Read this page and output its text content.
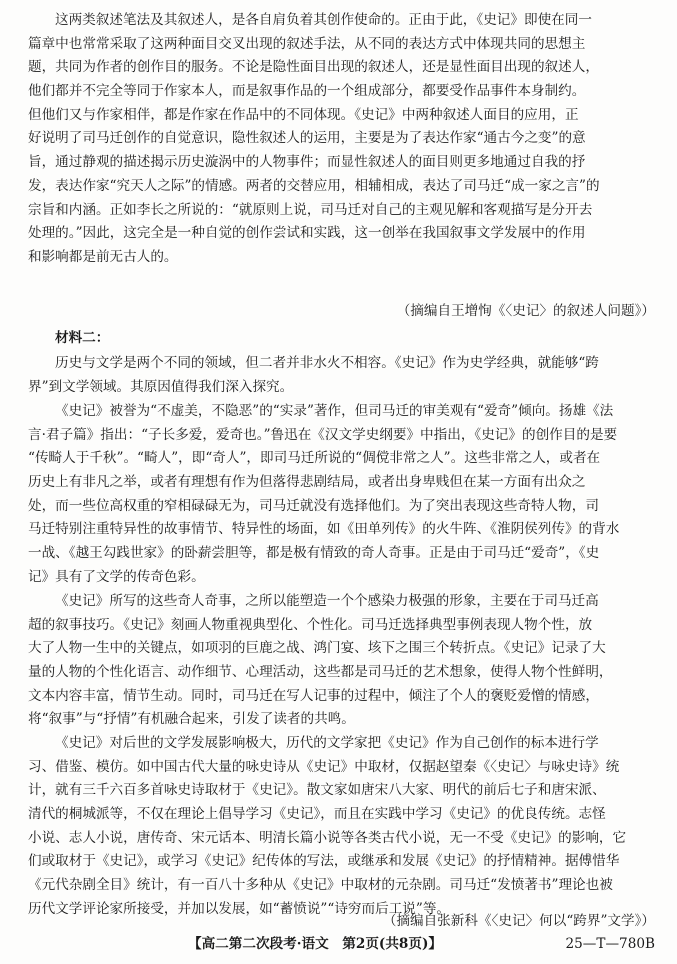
这两类叙述笔法及其叙述人，是各自肩负着其创作使命的。正由于此，《史记》即使在同一
篇章中也常常采取了这两种面目交叉出现的叙述手法，从不同的表达方式中体现共同的思想主
题，共同为作者的创作目的服务。不论是隐性面目出现的叙述人，还是显性面目出现的叙述人，
他们都并不完全等同于作家本人，而是叙事作品的一个组成部分，都要受作品事件本身制约。
但他们又与作家相伴，都是作家在作品中的不同体现。《史记》中两种叙述人面目的应用，正
好说明了司马迁创作的自觉意识，隐性叙述人的运用，主要是为了表达作家“通古今之变”的意
旨，通过静观的描述揭示历史漩涡中的人物事件；而显性叙述人的面目则更多地通过自我的抒
发，表达作家“究天人之际”的情感。两者的交替应用，相辅相成，表达了司马迁“成一家之言”的
宗旨和内涵。正如李长之所说的：“就原则上说，司马迁对自己的主观见解和客观描写是分开去
处理的。”因此，这完全是一种自觉的创作尝试和实践，这一创举在我国叙事文学发展中的作用
和影响都是前无古人的。
（摘编自王增恂《〈史记〉的叙述人问题》）
材料二：
历史与文学是两个不同的领域，但二者并非水火不相容。《史记》作为史学经典，就能够“跨
界”到文学领域。其原因值得我们深入探究。
《史记》被誉为“不虚美，不隐恶”的“实录”著作，但司马迁的审美观有“爱奇”倾向。扬雄《法
言·君子篇》指出：“子长多爱，爱奇也。”鲁迅在《汉文学史纲要》中指出，《史记》的创作目的是要
“传畸人于千秋”。“畸人”，即“奇人”，即司马迁所说的“倜傥非常之人”。这些非常之人，或者在
历史上有非凡之举，或者有理想有作为但落得悲剧结局，或者出身卑贱但在某一方面有出众之
处，而一些位高权重的窄相碌碌无为，司马迁就没有选择他们。为了突出表现这些奇特人物，司
马迁特别注重特异性的故事情节、特异性的场面，如《田单列传》的火牛阵、《淮阴侯列传》的背水
一战、《越王勾践世家》的卧薪尝胆等，都是极有情致的奇人奇事。正是由于司马迁“爱奇”，《史
记》具有了文学的传奇色彩。
《史记》所写的这些奇人奇事，之所以能塑造一个个感染力极强的形象，主要在于司马迁高
超的叙事技巧。《史记》刻画人物重视典型化、个性化。司马迁选择典型事例表现人物个性，放
大了人物一生中的关键点，如项羽的巨鹿之战、鸿门宴、垓下之围三个转折点。《史记》记录了大
量的人物的个性化语言、动作细节、心理活动，这些都是司马迁的艺术想象，使得人物个性鲜明，
文本内容丰富，情节生动。同时，司马迁在写人记事的过程中，倾注了个人的褒贬爱憎的情感，
将“叙事”与“抒情”有机融合起来，引发了读者的共鸣。
《史记》对后世的文学发展影响极大，历代的文学家把《史记》作为自己创作的标本进行学
习、借鉴、模仿。如中国古代大量的咏史诗从《史记》中取材，仅据赵望秦《〈史记〉与咏史诗》统
计，就有三千六百多首咏史诗取材于《史记》。散文家如唐宋八大家、明代的前后七子和唐宋派、
清代的桐城派等，不仅在理论上倡导学习《史记》，而且在实践中学习《史记》的优良传统。志怪
小说、志人小说，唐传奇、宋元话本、明清长篇小说等各类古代小说，无一不受《史记》的影响，它
们或取材于《史记》，或学习《史记》纪传体的写法，或继承和发展《史记》的抒情精神。据傅惜华
《元代杂剧全目》统计，有一百八十多种从《史记》中取材的元杂剧。司马迁“发愤著书”理论也被
历代文学评论家所接受，并加以发展，如“蓄愤说”“诗穷而后工说”等。
（摘编自张新科《〈史记〉何以“跨界”文学》）
【高二第二次段考·语文　第2页(共8页)】	25—T—780B
